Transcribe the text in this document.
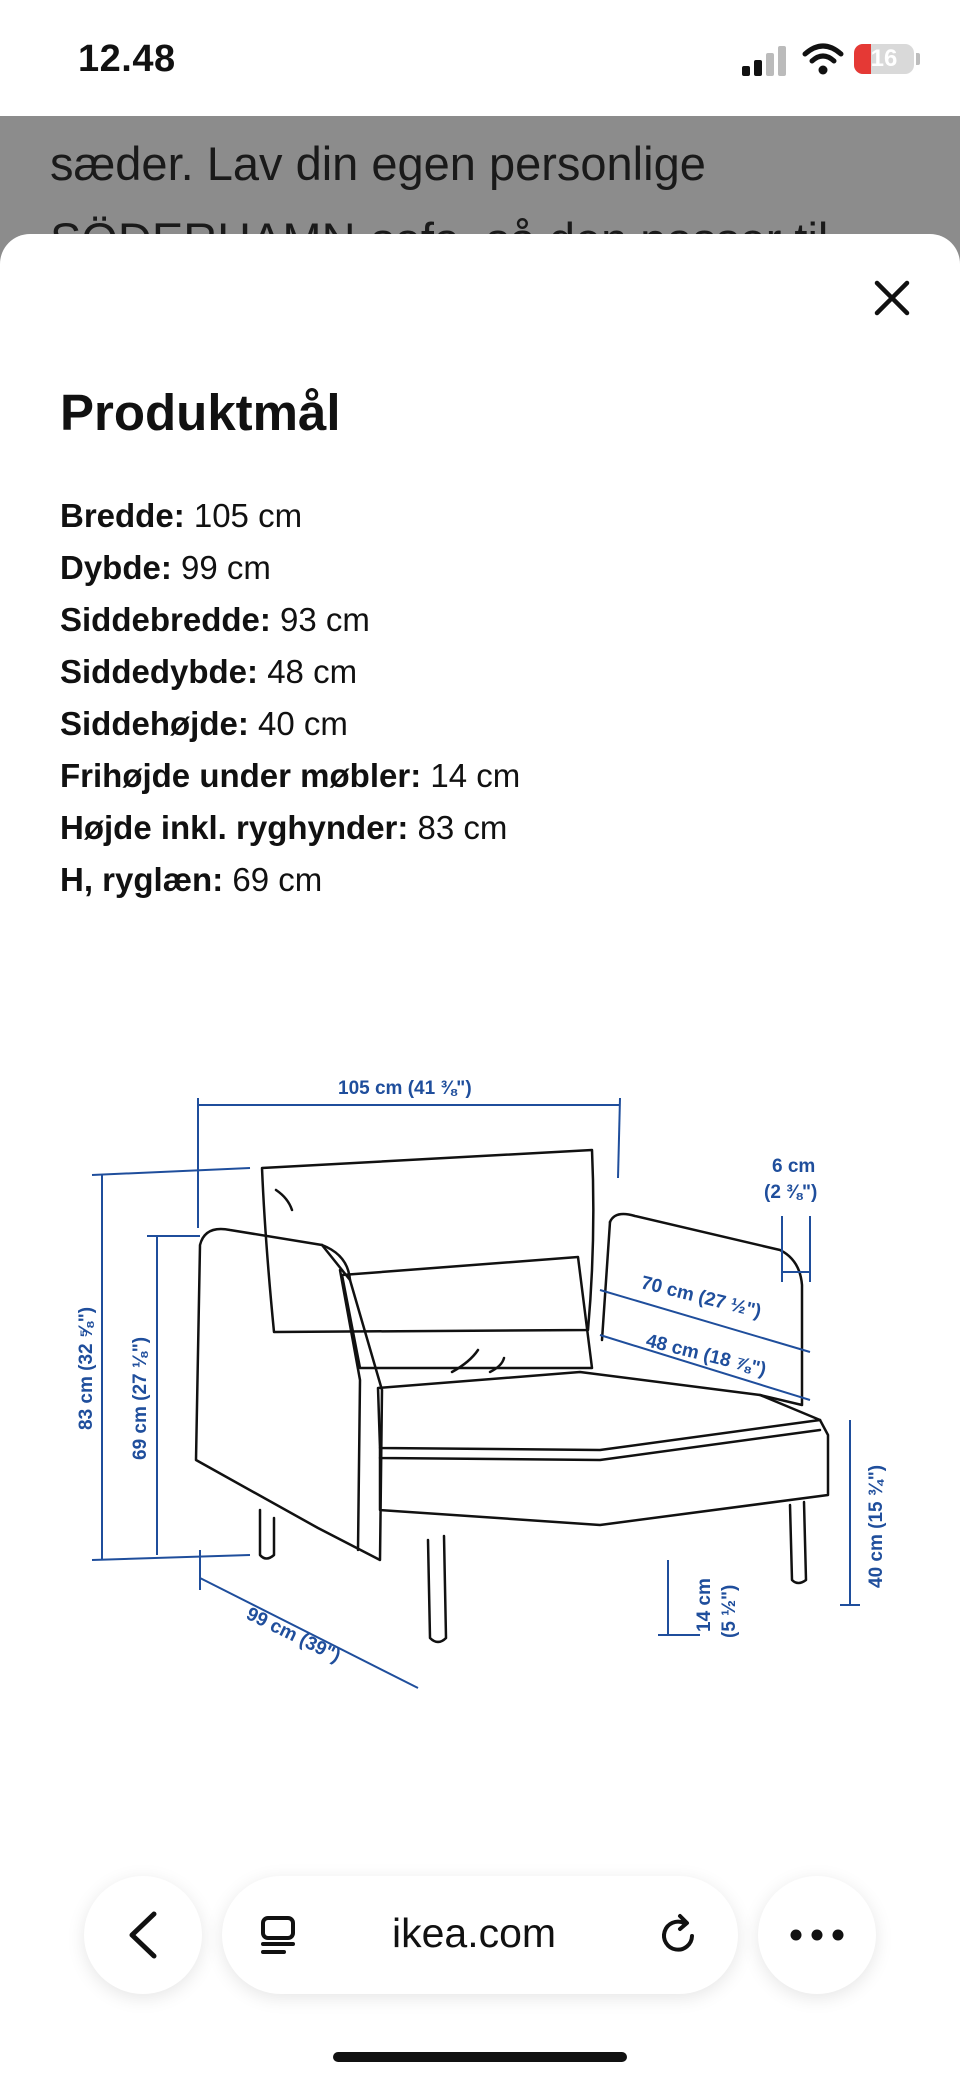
sæder. Lav din egen personlige
12.48	16
Produktmål
Bredde: 105 cm
Dybde: 99 cm
Siddebredde: 93 cm
Siddedybde: 48 cm
Siddehøjde: 40 cm
Frihøjde under møbler: 14 cm
Højde inkl. ryghynder: 83 cm
H, ryglæn: 69 cm
105 cm (41 ⅜")
6 cm
(2 ⅜")
70 cm (27 ½")
48 cm (18 ⅞")
83 cm (32 ⅝") 69 cm (27 ⅛")
99 cm (39")	14 cm (5 ½")
40 cm (15 ¾")
ikea.com
